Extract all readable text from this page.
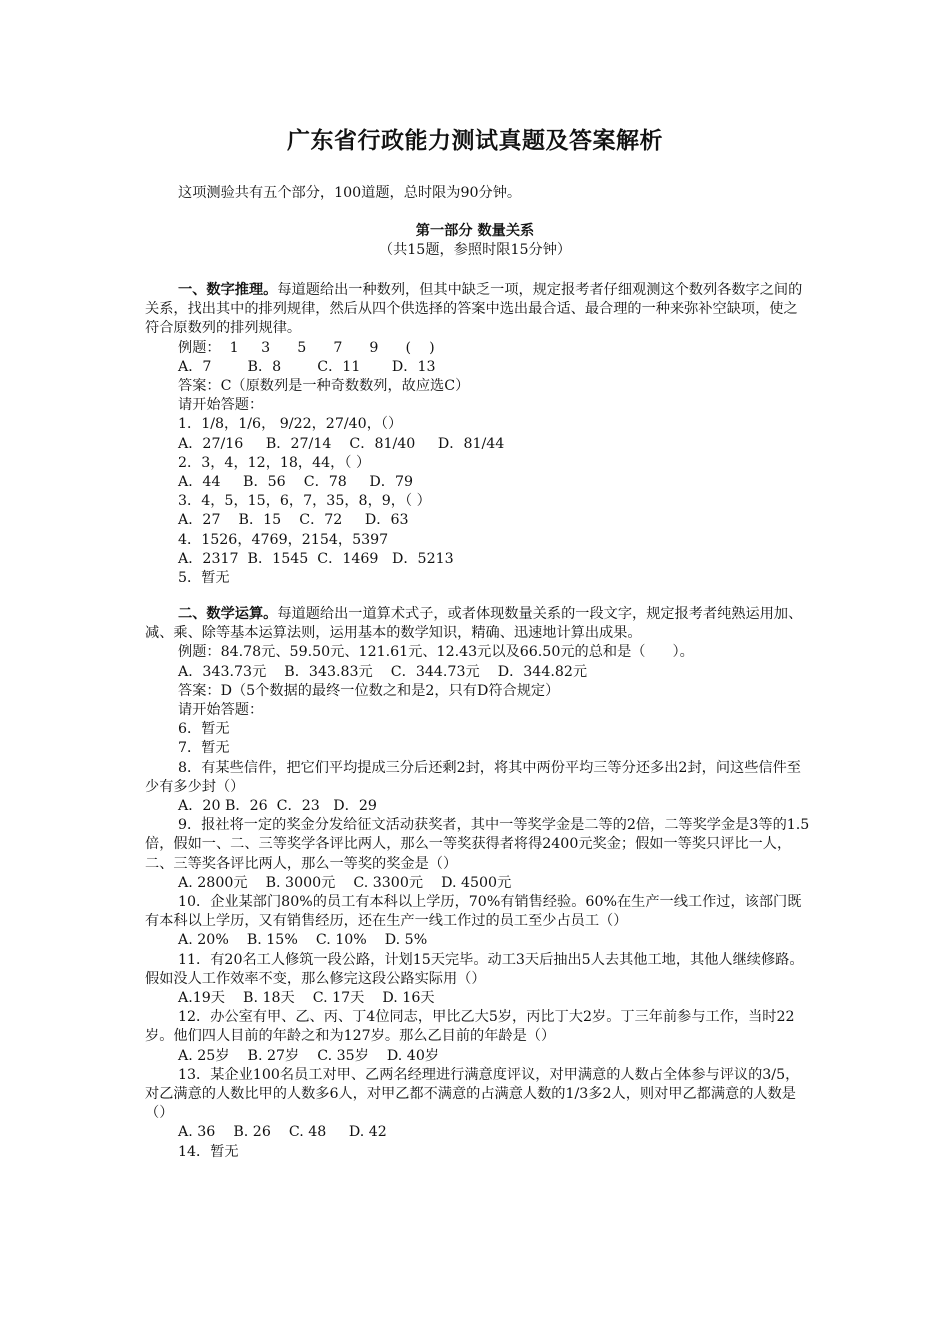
广东省行政能力测试真题及答案解析
这项测验共有五个部分，100道题，总时限为90分钟。
第一部分 数量关系
（共15题，参照时限15分钟）

一、数字推理。每道题给出一种数列，但其中缺乏一项，规定报考者仔细观测这个数列各数字之间的关系，找出其中的排列规律，然后从四个供选择的答案中选出最合适、最合理的一种来弥补空缺项，使之符合原数列的排列规律。

例题：  1     3      5      7      9      (    )

A．7        B．8        C．11       D．13

答案：C（原数列是一种奇数数列，故应选C）

请开始答题：

1．1/8，1/6， 9/22，27/40，（）

A．27/16     B．27/14    C．81/40     D．81/44

2．3，4，12，18，44，（ ）

A．44     B．56    C．78     D．79

3．4，5，15，6，7，35，8，9，（ ）

A．27    B．15    C．72     D．63

4．1526，4769，2154，5397

A．2317  B．1545  C．1469   D．5213

5．暂无

二、数学运算。每道题给出一道算术式子，或者体现数量关系的一段文字，规定报考者纯熟运用加、减、乘、除等基本运算法则，运用基本的数学知识，精确、迅速地计算出成果。

例题：84.78元、59.50元、121.61元、12.43元以及66.50元的总和是（      ）。

A．343.73元    B．343.83元    C．344.73元    D．344.82元

答案：D（5个数据的最终一位数之和是2，只有D符合规定）

请开始答题：

6．暂无

7．暂无

8．有某些信件，把它们平均提成三分后还剩2封，将其中两份平均三等分还多出2封，问这些信件至少有多少封（）

A．20 B．26  C．23   D．29

9．报社将一定的奖金分发给征文活动获奖者，其中一等奖学金是二等的2倍，二等奖学金是3等的1.5倍，假如一、二、三等奖学各评比两人，那么一等奖获得者将得2400元奖金；假如一等奖只评比一人，二、三等奖各评比两人，那么一等奖的奖金是（）

A. 2800元    B. 3000元    C. 3300元    D. 4500元

10．企业某部门80%的员工有本科以上学历，70%有销售经验。60%在生产一线工作过，该部门既有本科以上学历，又有销售经历，还在生产一线工作过的员工至少占员工（）

A. 20%    B. 15%    C. 10%    D. 5%

11．有20名工人修筑一段公路，计划15天完毕。动工3天后抽出5人去其他工地，其他人继续修路。假如没人工作效率不变，那么修完这段公路实际用（）

A.19天    B. 18天    C. 17天    D. 16天

12．办公室有甲、乙、丙、丁4位同志，甲比乙大5岁，丙比丁大2岁。丁三年前参与工作，当时22岁。他们四人目前的年龄之和为127岁。那么乙目前的年龄是（）

A. 25岁    B. 27岁    C. 35岁    D. 40岁

13．某企业100名员工对甲、乙两名经理进行满意度评议，对甲满意的人数占全体参与评议的3/5，对乙满意的人数比甲的人数多6人，对甲乙都不满意的占满意人数的1/3多2人，则对甲乙都满意的人数是（）

A. 36    B. 26    C. 48     D. 42

14．暂无
